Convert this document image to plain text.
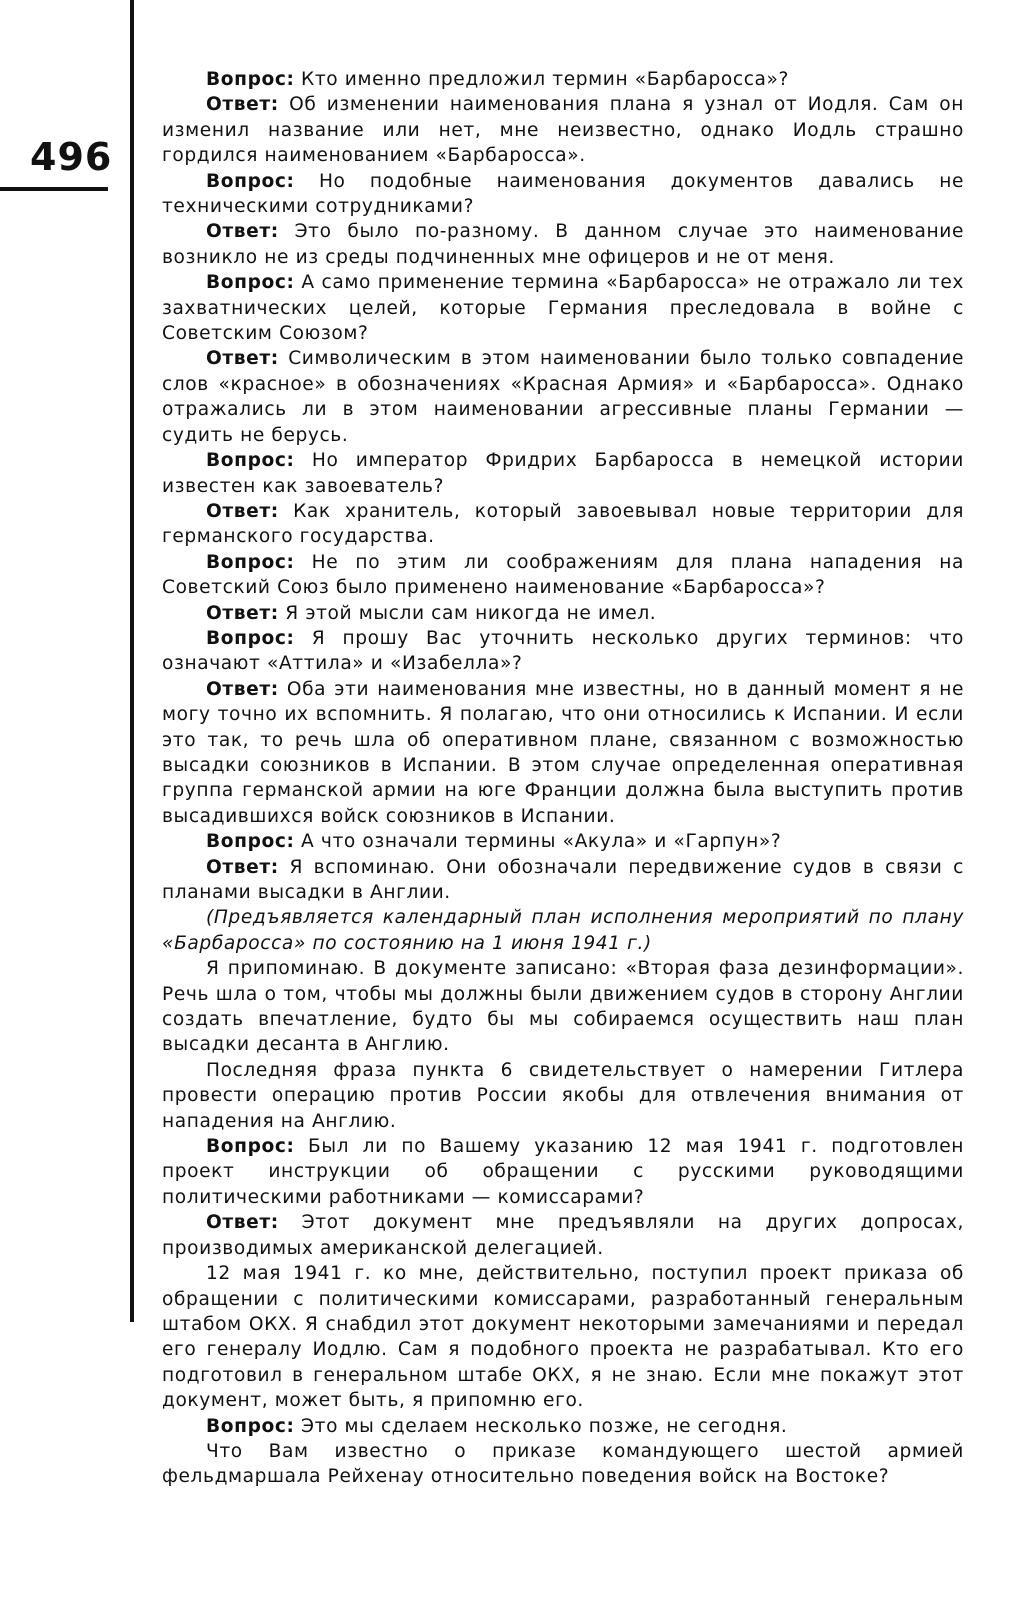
496

Вопрос: Кто именно предложил термин «Барбаросса»?

Ответ: Об изменении наименования плана я узнал от Иодля. Сам он изменил название или нет, мне неизвестно, однако Иодль страшно гордился наименованием «Барбаросса».

Вопрос: Но подобные наименования документов давались не техническими сотрудниками?

Ответ: Это было по-разному. В данном случае это наименование возникло не из среды подчиненных мне офицеров и не от меня.

Вопрос: А само применение термина «Барбаросса» не отражало ли тех захватнических целей, которые Германия преследовала в войне с Советским Союзом?

Ответ: Символическим в этом наименовании было только совпадение слов «красное» в обозначениях «Красная Армия» и «Барбаросса». Однако отражались ли в этом наименовании агрессивные планы Германии — судить не берусь.

Вопрос: Но император Фридрих Барбаросса в немецкой истории известен как завоеватель?

Ответ: Как хранитель, который завоевывал новые территории для германского государства.

Вопрос: Не по этим ли соображениям для плана нападения на Советский Союз было применено наименование «Барбаросса»?

Ответ: Я этой мысли сам никогда не имел.

Вопрос: Я прошу Вас уточнить несколько других терминов: что означают «Аттила» и «Изабелла»?

Ответ: Оба эти наименования мне известны, но в данный момент я не могу точно их вспомнить. Я полагаю, что они относились к Испании. И если это так, то речь шла об оперативном плане, связанном с возможностью высадки союзников в Испании. В этом случае определенная оперативная группа германской армии на юге Франции должна была выступить против высадившихся войск союзников в Испании.

Вопрос: А что означали термины «Акула» и «Гарпун»?

Ответ: Я вспоминаю. Они обозначали передвижение судов в связи с планами высадки в Англии.

(Предъявляется календарный план исполнения мероприятий по плану «Барбаросса» по состоянию на 1 июня 1941 г.)

Я припоминаю. В документе записано: «Вторая фаза дезинформации». Речь шла о том, чтобы мы должны были движением судов в сторону Англии создать впечатление, будто бы мы собираемся осуществить наш план высадки десанта в Англию.

Последняя фраза пункта 6 свидетельствует о намерении Гитлера провести операцию против России якобы для отвлечения внимания от нападения на Англию.

Вопрос: Был ли по Вашему указанию 12 мая 1941 г. подготовлен проект инструкции об обращении с русскими руководящими политическими работниками — комиссарами?

Ответ: Этот документ мне предъявляли на других допросах, производимых американской делегацией.

12 мая 1941 г. ко мне, действительно, поступил проект приказа об обращении с политическими комиссарами, разработанный генеральным штабом ОКХ. Я снабдил этот документ некоторыми замечаниями и передал его генералу Иодлю. Сам я подобного проекта не разрабатывал. Кто его подготовил в генеральном штабе ОКХ, я не знаю. Если мне покажут этот документ, может быть, я припомню его.

Вопрос: Это мы сделаем несколько позже, не сегодня.

Что Вам известно о приказе командующего шестой армией фельдмаршала Рейхенау относительно поведения войск на Востоке?
